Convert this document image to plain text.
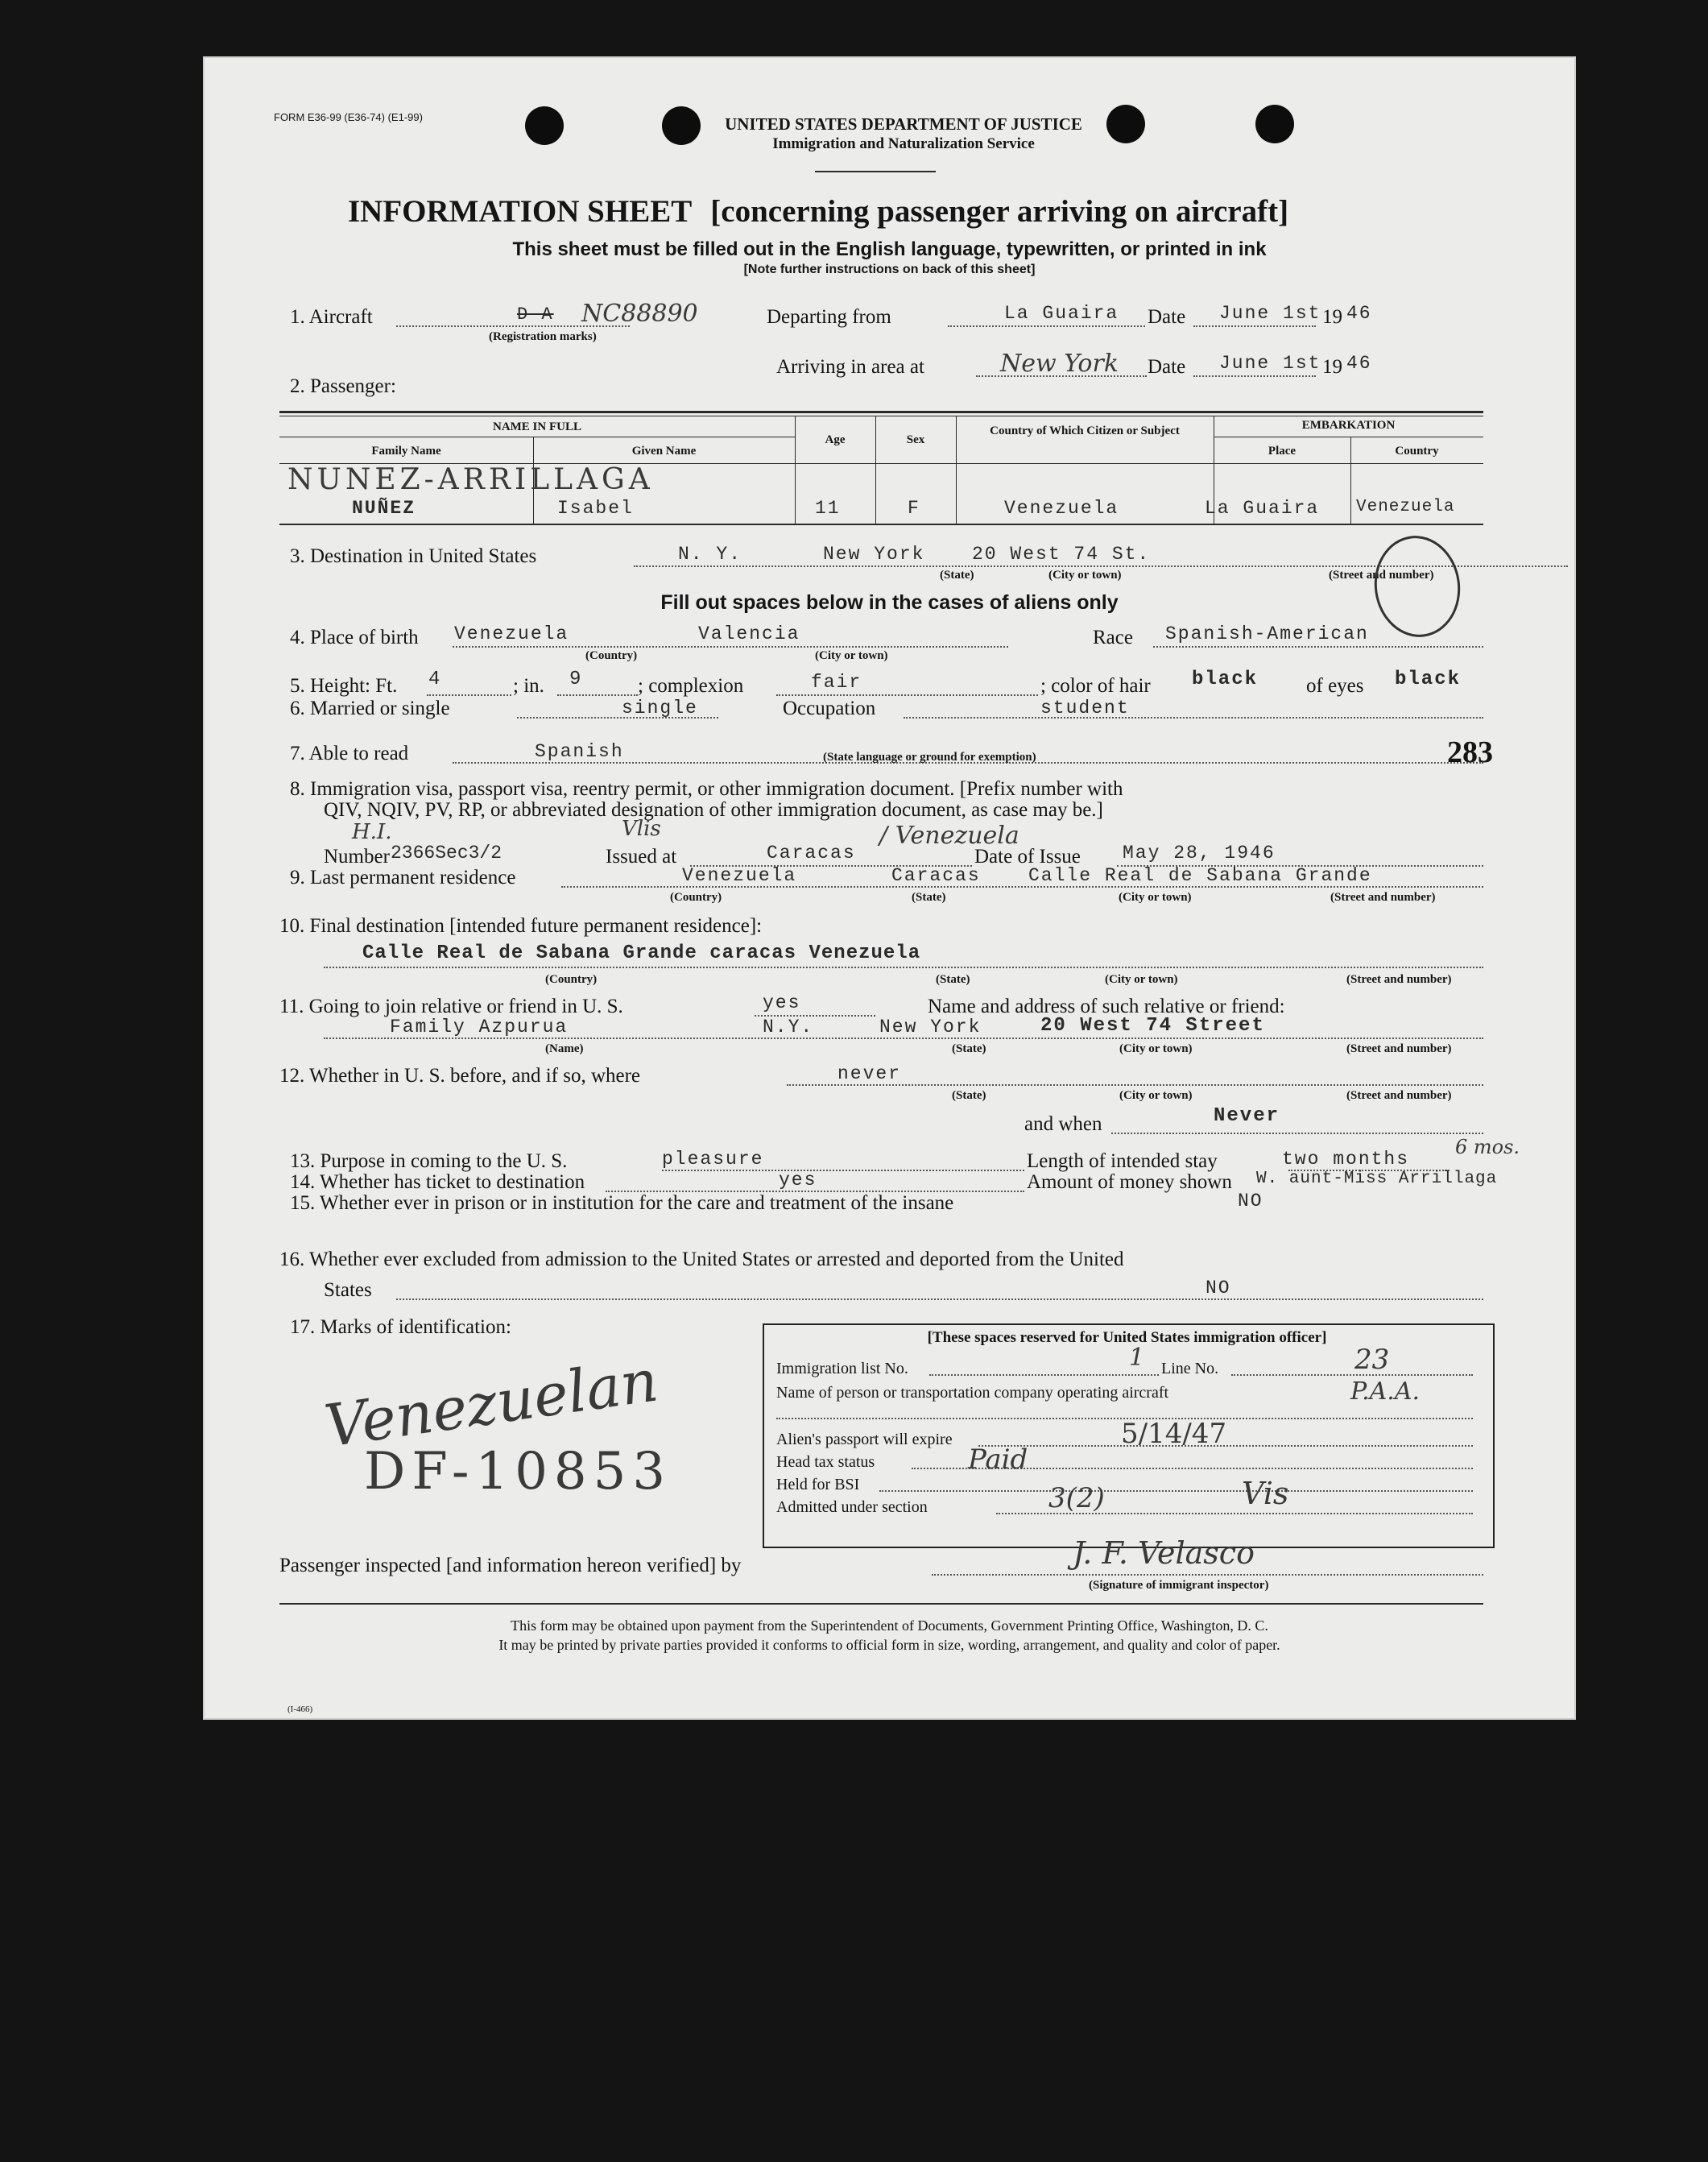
FORM E36-99 (E36-74) (E1-99)	UNITED STATES DEPARTMENT OF JUSTICE
Immigration and Naturalization Service
INFORMATION SHEET [concerning passenger arriving on aircraft]
This sheet must be filled out in the English language, typewritten, or printed in ink
[Note further instructions on back of this sheet]
1. Aircraft	D-A NC88890
(Registration marks)
Departing from	La Guaira Date June 1st 19 46
Arriving in area at	New York Date June 1st 19 46
2. Passenger:
NAME IN FULL
Family Name	Given Name
Age	Sex
Country of Which Citizen or Subject	EMBARKATION
Place	Country
NUNEZ-ARRILLAGA
NUÑEZ	Isabel	11	F	Venezuela	La Guaira Venezuela
3. Destination in United States	N. Y.	New York	20 West 74 St.
(State)	(City or town)	(Street and number)
Fill out spaces below in the cases of aliens only
4. Place of birth Venezuela	Valencia
(Country)	(City or town)
Race Spanish-American
5. Height: Ft. 4	; in. 9	; complexion	fair	; color of hair black of eyes black
6. Married or single	single	Occupation	student
7. Able to read	Spanish	(State language or ground for exemption)	283
8. Immigration visa, passport visa, reentry permit, or other immigration document. [Prefix number with
QIV, NQIV, PV, RP, or abbreviated designation of other immigration document, as case may be.]
H.I.	Vlis
Number 2366Sec3/2	Issued at	Caracas
/ Venezuela
Date of Issue May 28, 1946
9. Last permanent residence	Venezuela	Caracas	Calle Real de Sabana Grande
(Country)	(State)	(City or town)	(Street and number)
10. Final destination [intended future permanent residence]:
Calle Real de Sabana Grande caracas Venezuela
(Country)	(State)	(City or town)	(Street and number)
11. Going to join relative or friend in U. S.	yes	Name and address of such relative or friend:
Family Azpurua	N.Y.	New York	20 West 74 Street
(Name)	(State)	(City or town)	(Street and number)
12. Whether in U. S. before, and if so, where	never
(State)	(City or town)	(Street and number)
and when	Never
13. Purpose in coming to the U. S.	pleasure	Length of intended stay	two months
6 mos.
14. Whether has ticket to destination	yes	Amount of money shown W. aunt-Miss Arrillaga
15. Whether ever in prison or in institution for the care and treatment of the insane	NO
16. Whether ever excluded from admission to the United States or arrested and deported from the United
States	NO
17. Marks of identification:
Venezuelan
DF-10853
[These spaces reserved for United States immigration officer]
Immigration list No.	1 Line No.	23
Name of person or transportation company operating aircraft	P.A.A.
Alien's passport will expire	5/14/47
Head tax status	Paid
Held for BSI
Admitted under section	3(2)	Vis
Passenger inspected [and information hereon verified] by	J. F. Velasco
(Signature of immigrant inspector)
This form may be obtained upon payment from the Superintendent of Documents, Government Printing Office, Washington, D. C.
It may be printed by private parties provided it conforms to official form in size, wording, arrangement, and quality and color of paper.
(I-466)
